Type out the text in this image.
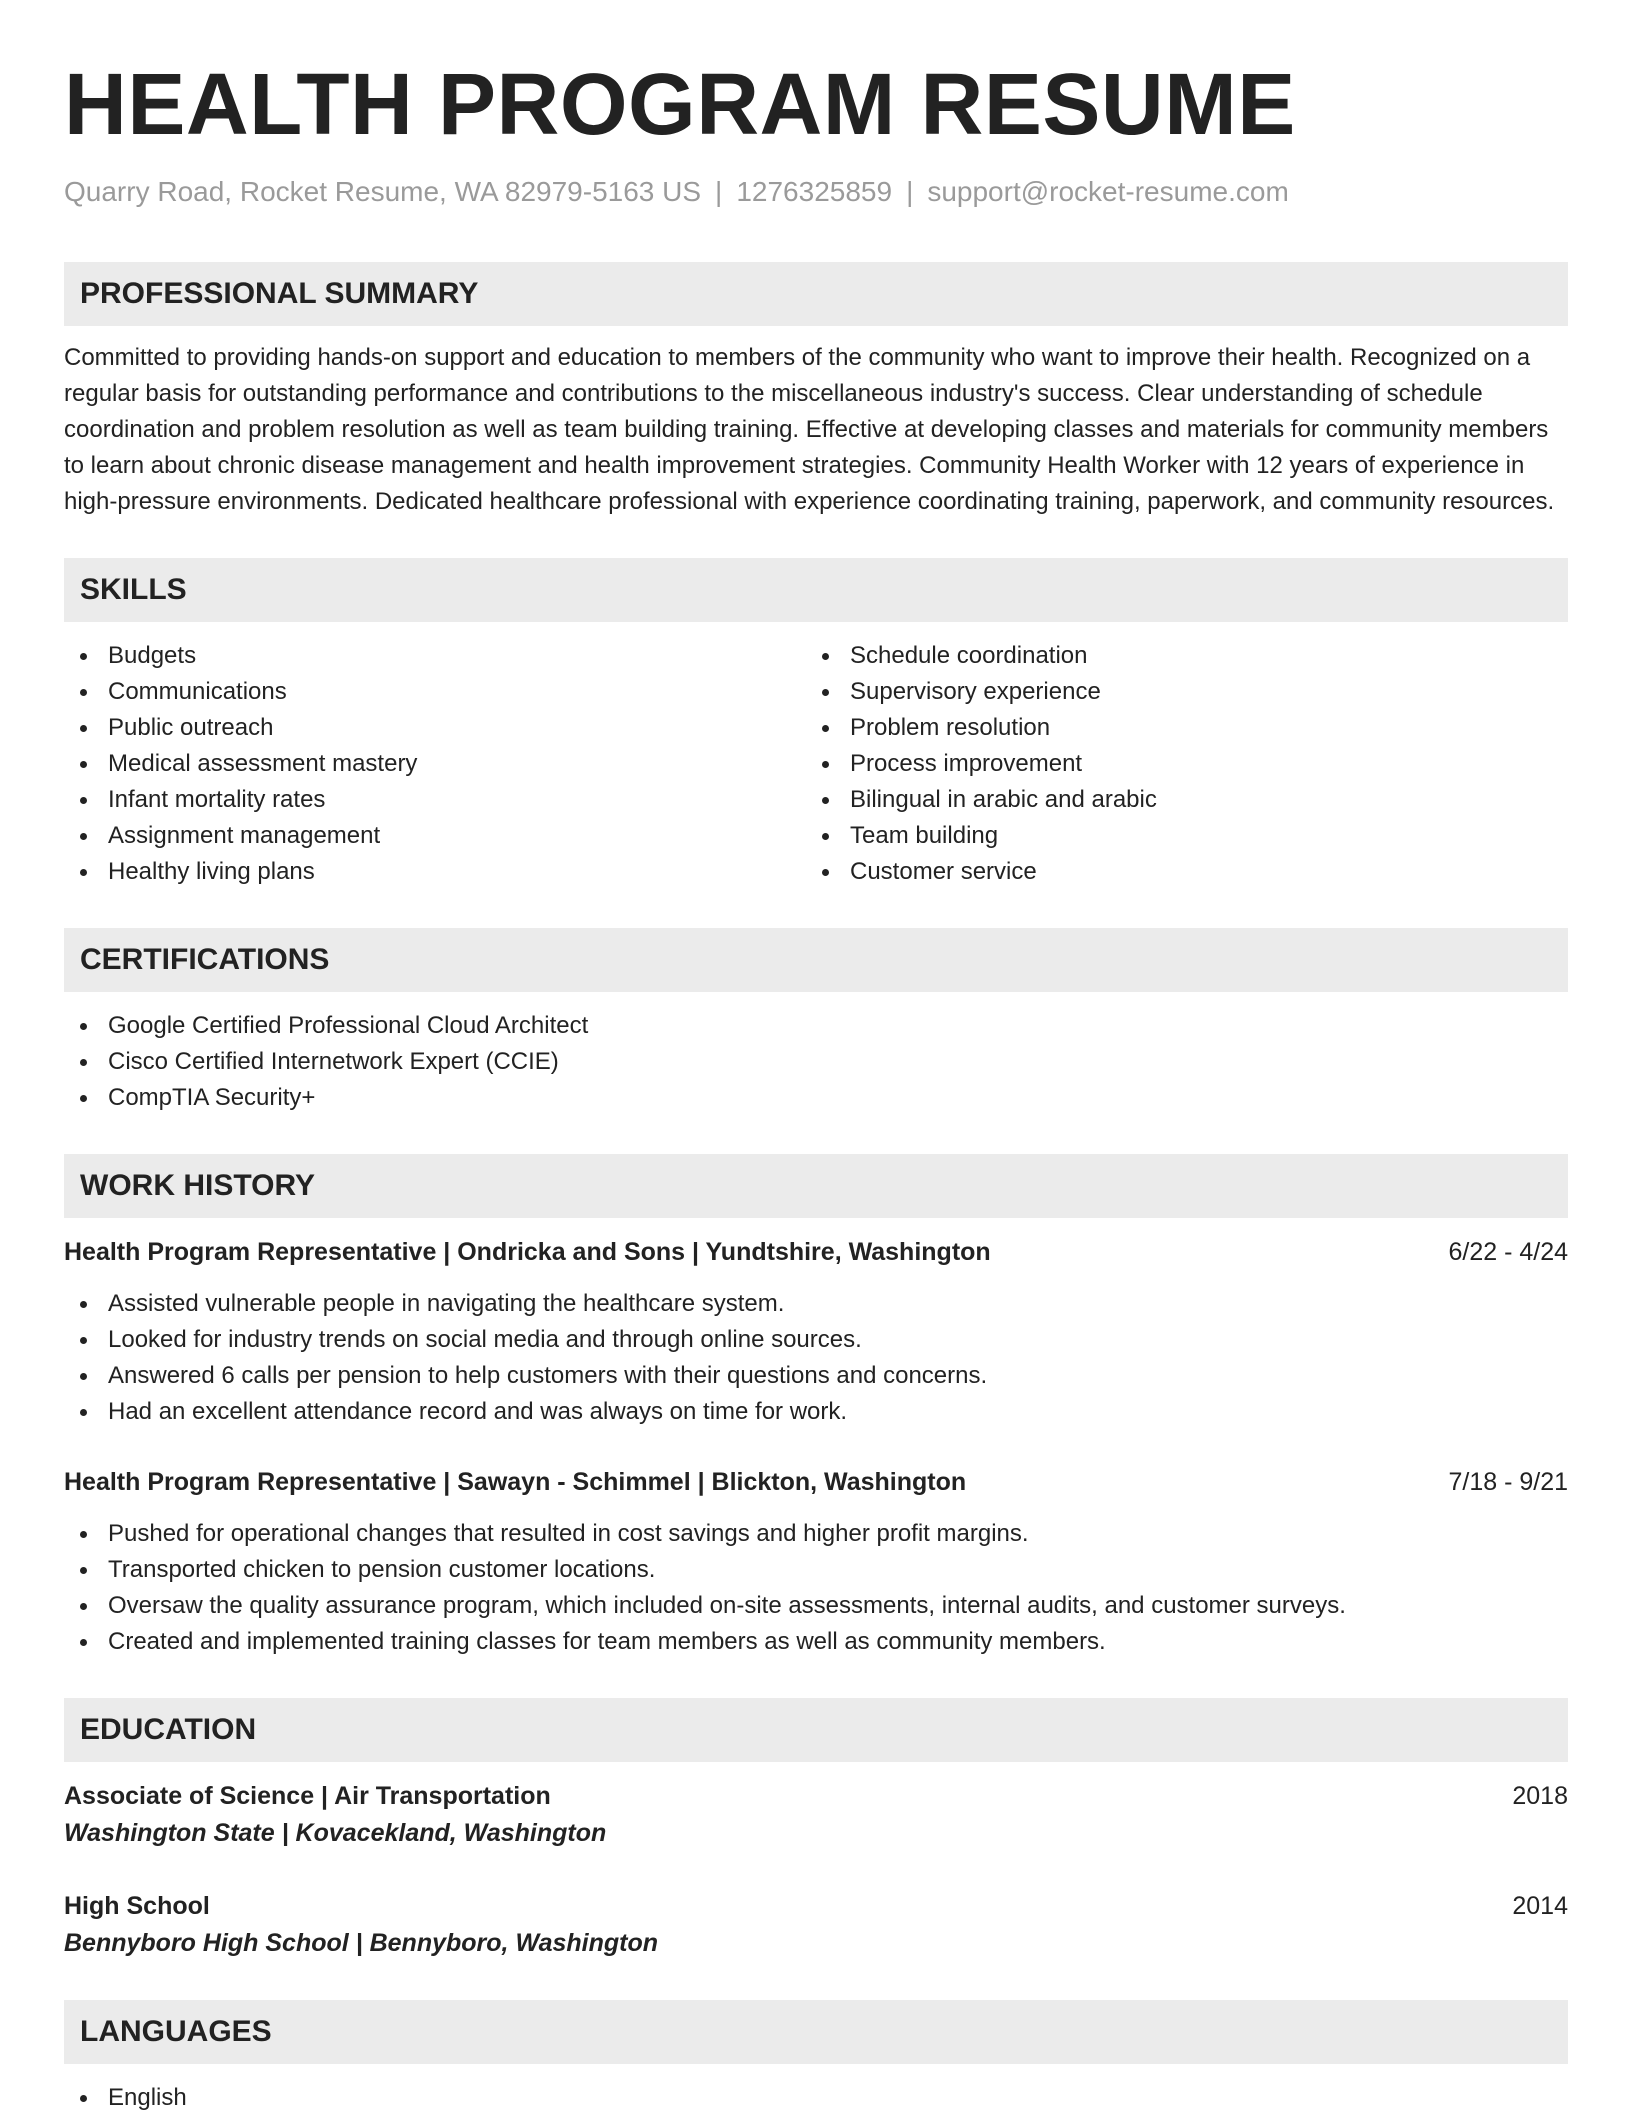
HEALTH PROGRAM RESUME
Quarry Road, Rocket Resume, WA 82979-5163 US | 1276325859 | support@rocket-resume.com
PROFESSIONAL SUMMARY

Committed to providing hands-on support and education to members of the community who want to improve their health. Recognized on a regular basis for outstanding performance and contributions to the miscellaneous industry's success. Clear understanding of schedule coordination and problem resolution as well as team building training. Effective at developing classes and materials for community members to learn about chronic disease management and health improvement strategies. Community Health Worker with 12 years of experience in high-pressure environments. Dedicated healthcare professional with experience coordinating training, paperwork, and community resources.

SKILLS
Budgets
Communications
Public outreach
Medical assessment mastery
Infant mortality rates
Assignment management
Healthy living plans
Schedule coordination
Supervisory experience
Problem resolution
Process improvement
Bilingual in arabic and arabic
Team building
Customer service
CERTIFICATIONS
Google Certified Professional Cloud Architect
Cisco Certified Internetwork Expert (CCIE)
CompTIA Security+
WORK HISTORY
Health Program Representative | Ondricka and Sons | Yundtshire, Washington	6/22 - 4/24
Assisted vulnerable people in navigating the healthcare system.
Looked for industry trends on social media and through online sources.
Answered 6 calls per pension to help customers with their questions and concerns.
Had an excellent attendance record and was always on time for work.
Health Program Representative | Sawayn - Schimmel | Blickton, Washington	7/18 - 9/21
Pushed for operational changes that resulted in cost savings and higher profit margins.
Transported chicken to pension customer locations.
Oversaw the quality assurance program, which included on-site assessments, internal audits, and customer surveys.
Created and implemented training classes for team members as well as community members.
EDUCATION
Associate of Science | Air Transportation	2018
Washington State | Kovacekland, Washington
High School	2014
Bennyboro High School | Bennyboro, Washington
LANGUAGES
English
